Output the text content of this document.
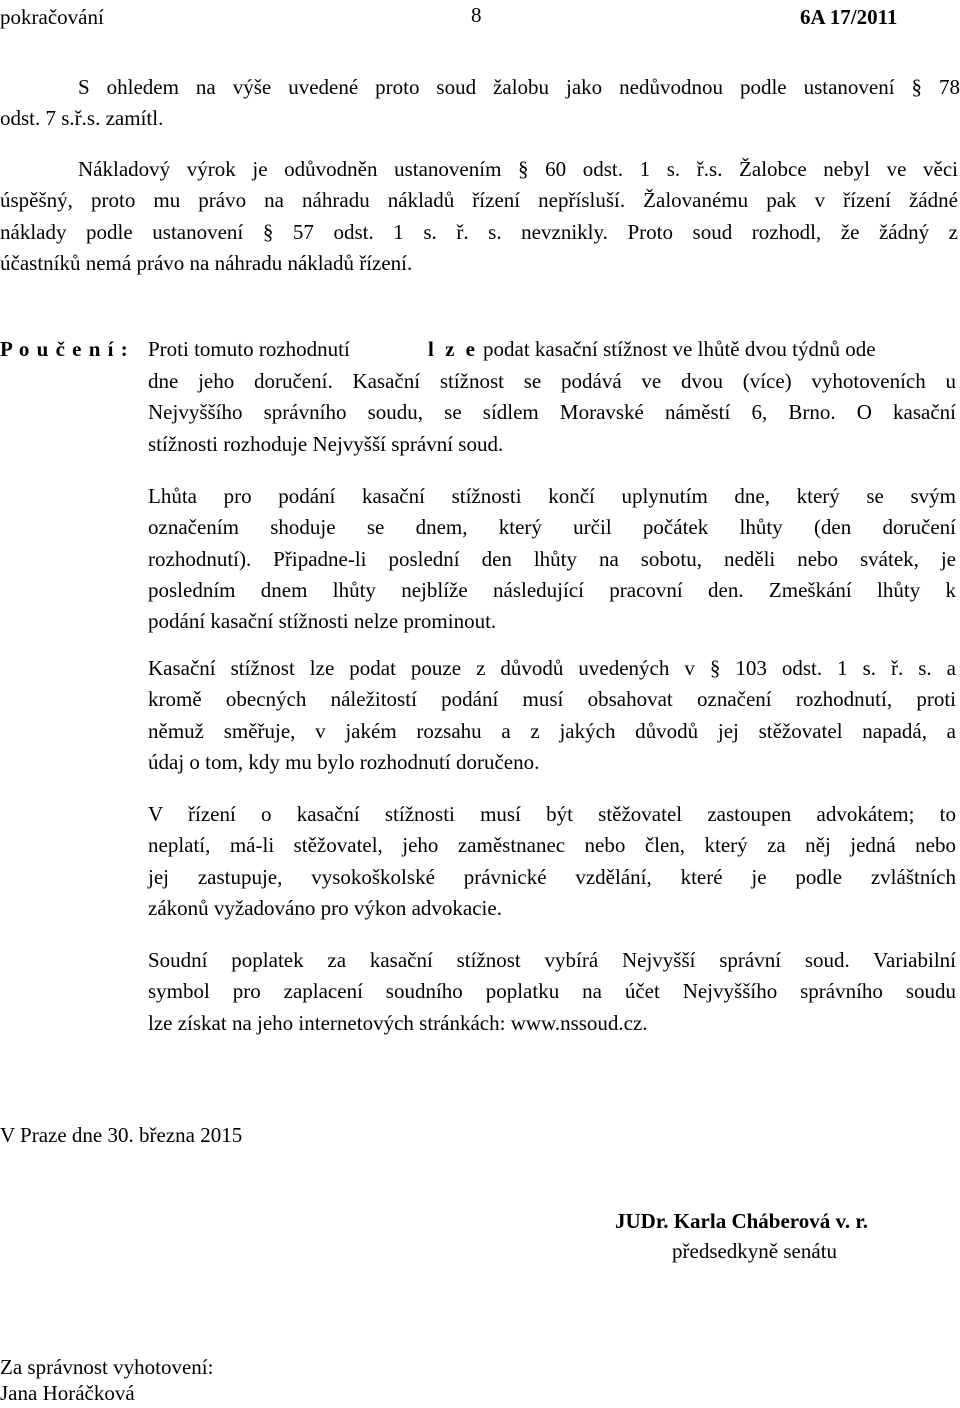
pokračování	8	6A 17/2011
S ohledem na výše uvedené proto soud žalobu jako nedůvodnou podle ustanovení § 78
odst. 7 s.ř.s. zamítl.
Nákladový výrok je odůvodněn ustanovením § 60 odst. 1 s. ř.s. Žalobce nebyl ve věci
úspěšný, proto mu právo na náhradu nákladů řízení nepřísluší. Žalovanému pak v řízení žádné
náklady podle ustanovení § 57 odst. 1 s. ř. s. nevznikly. Proto soud rozhodl, že žádný z
účastníků nemá právo na náhradu nákladů řízení.
P o u č e n í : Proti tomuto rozhodnutí	l z e podat kasační stížnost ve lhůtě dvou týdnů ode
dne jeho doručení. Kasační stížnost se podává ve dvou (více) vyhotoveních u
Nejvyššího správního soudu, se sídlem Moravské náměstí 6, Brno. O kasační
stížnosti rozhoduje Nejvyšší správní soud.
Lhůta pro podání kasační stížnosti končí uplynutím dne, který se svým
označením shoduje se dnem, který určil počátek lhůty (den doručení
rozhodnutí). Připadne-li poslední den lhůty na sobotu, neděli nebo svátek, je
posledním dnem lhůty nejblíže následující pracovní den. Zmeškání lhůty k
podání kasační stížnosti nelze prominout.
Kasační stížnost lze podat pouze z důvodů uvedených v § 103 odst. 1 s. ř. s. a
kromě obecných náležitostí podání musí obsahovat označení rozhodnutí, proti
němuž směřuje, v jakém rozsahu a z jakých důvodů jej stěžovatel napadá, a
údaj o tom, kdy mu bylo rozhodnutí doručeno.
V řízení o kasační stížnosti musí být stěžovatel zastoupen advokátem; to
neplatí, má-li stěžovatel, jeho zaměstnanec nebo člen, který za něj jedná nebo
jej zastupuje, vysokoškolské právnické vzdělání, které je podle zvláštních
zákonů vyžadováno pro výkon advokacie.
Soudní poplatek za kasační stížnost vybírá Nejvyšší správní soud. Variabilní
symbol pro zaplacení soudního poplatku na účet Nejvyššího správního soudu
lze získat na jeho internetových stránkách: www.nssoud.cz.
V Praze dne 30. března 2015
JUDr. Karla Cháberová v. r.
předsedkyně senátu
Za správnost vyhotovení:
Jana Horáčková
